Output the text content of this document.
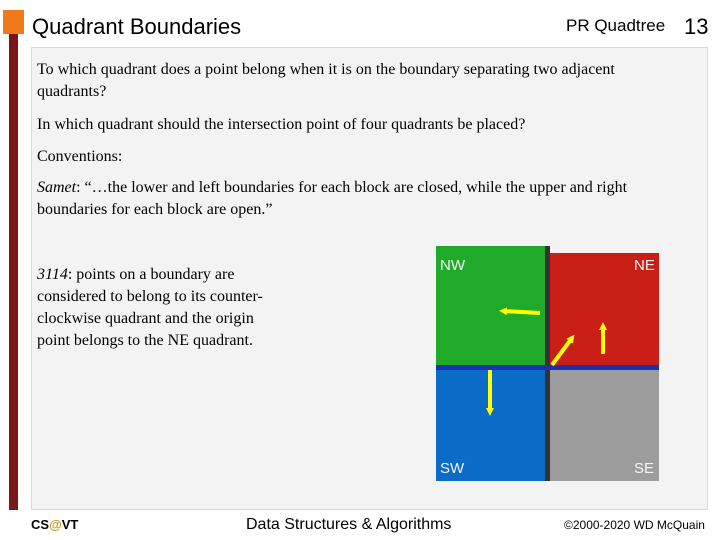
Quadrant Boundaries	PR Quadtree 13
To which quadrant does a point belong when it is on the boundary separating two adjacent quadrants?
In which quadrant should the intersection point of four quadrants be placed?
Conventions:
Samet: “…the lower and left boundaries for each block are closed, while the upper and right boundaries for each block are open.”
3114: points on a boundary are considered to belong to its counter-clockwise quadrant and the origin point belongs to the NE quadrant.
NW	NE
SW	SE
CS@VT	Data Structures & Algorithms	©2000-2020 WD McQuain
